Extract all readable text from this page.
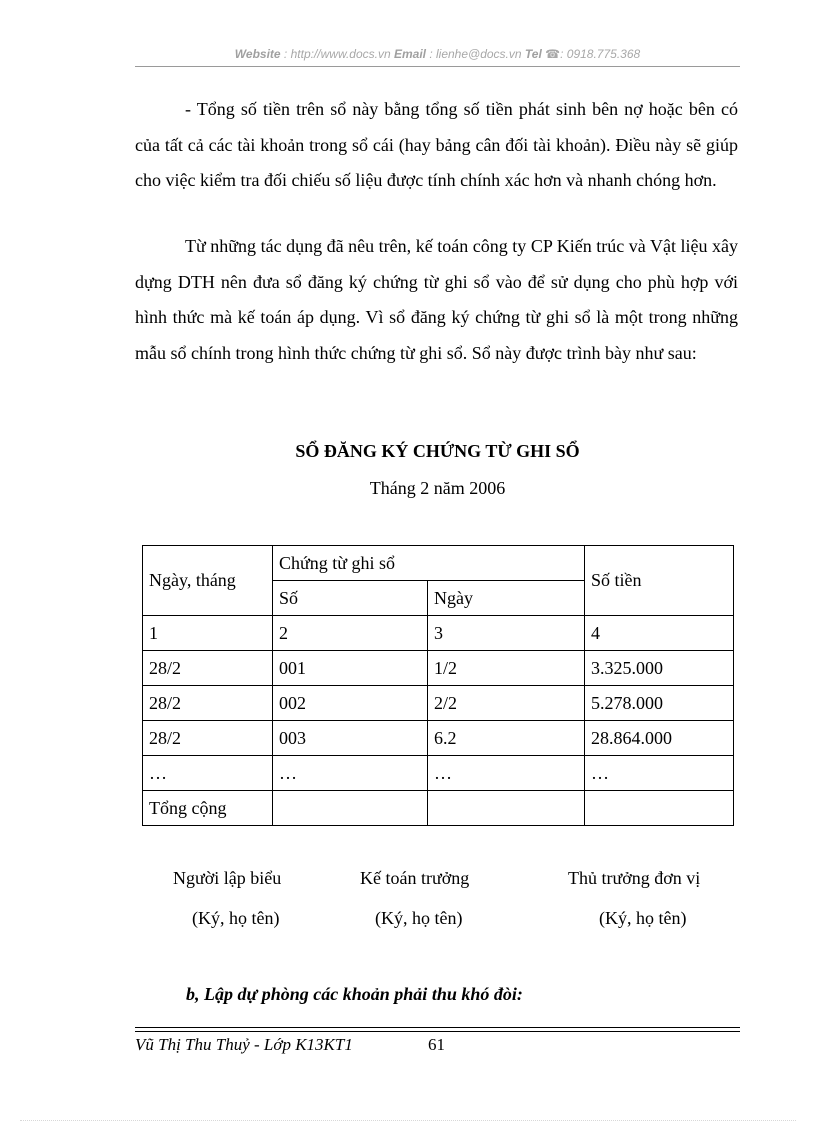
Website : http://www.docs.vn Email : lienhe@docs.vn Tel ☎: 0918.775.368

- Tổng số tiền trên sổ này bằng tổng số tiền phát sinh bên nợ hoặc bên có của tất cả các tài khoản trong sổ cái (hay bảng cân đối tài khoản). Điều này sẽ giúp cho việc kiểm tra đối chiếu số liệu được tính chính xác hơn và nhanh chóng hơn.

Từ những tác dụng đã nêu trên, kế toán công ty CP Kiến trúc và Vật liệu xây dựng DTH nên đưa sổ đăng ký chứng từ ghi sổ vào để sử dụng cho phù hợp với hình thức mà kế toán áp dụng. Vì sổ đăng ký chứng từ ghi sổ là một trong những mẫu sổ chính trong hình thức chứng từ ghi sổ. Sổ này được trình bày như sau:

SỔ ĐĂNG KÝ CHỨNG TỪ GHI SỔ
Tháng 2 năm 2006
Ngày, tháng	Chứng từ ghi sổ		Số tiền
	Số	Ngày	
1	2	3	4
28/2	001	1/2	3.325.000
28/2	002	2/2	5.278.000
28/2	003	6.2	28.864.000
…	…	…	…
Tổng cộng			
Người lập biểu	Kế toán trưởng	Thủ trưởng đơn vị
(Ký, họ tên)	(Ký, họ tên)	(Ký, họ tên)
b, Lập dự phòng các khoản phải thu khó đòi:
Vũ Thị Thu Thuỷ - Lớp K13KT1	61
